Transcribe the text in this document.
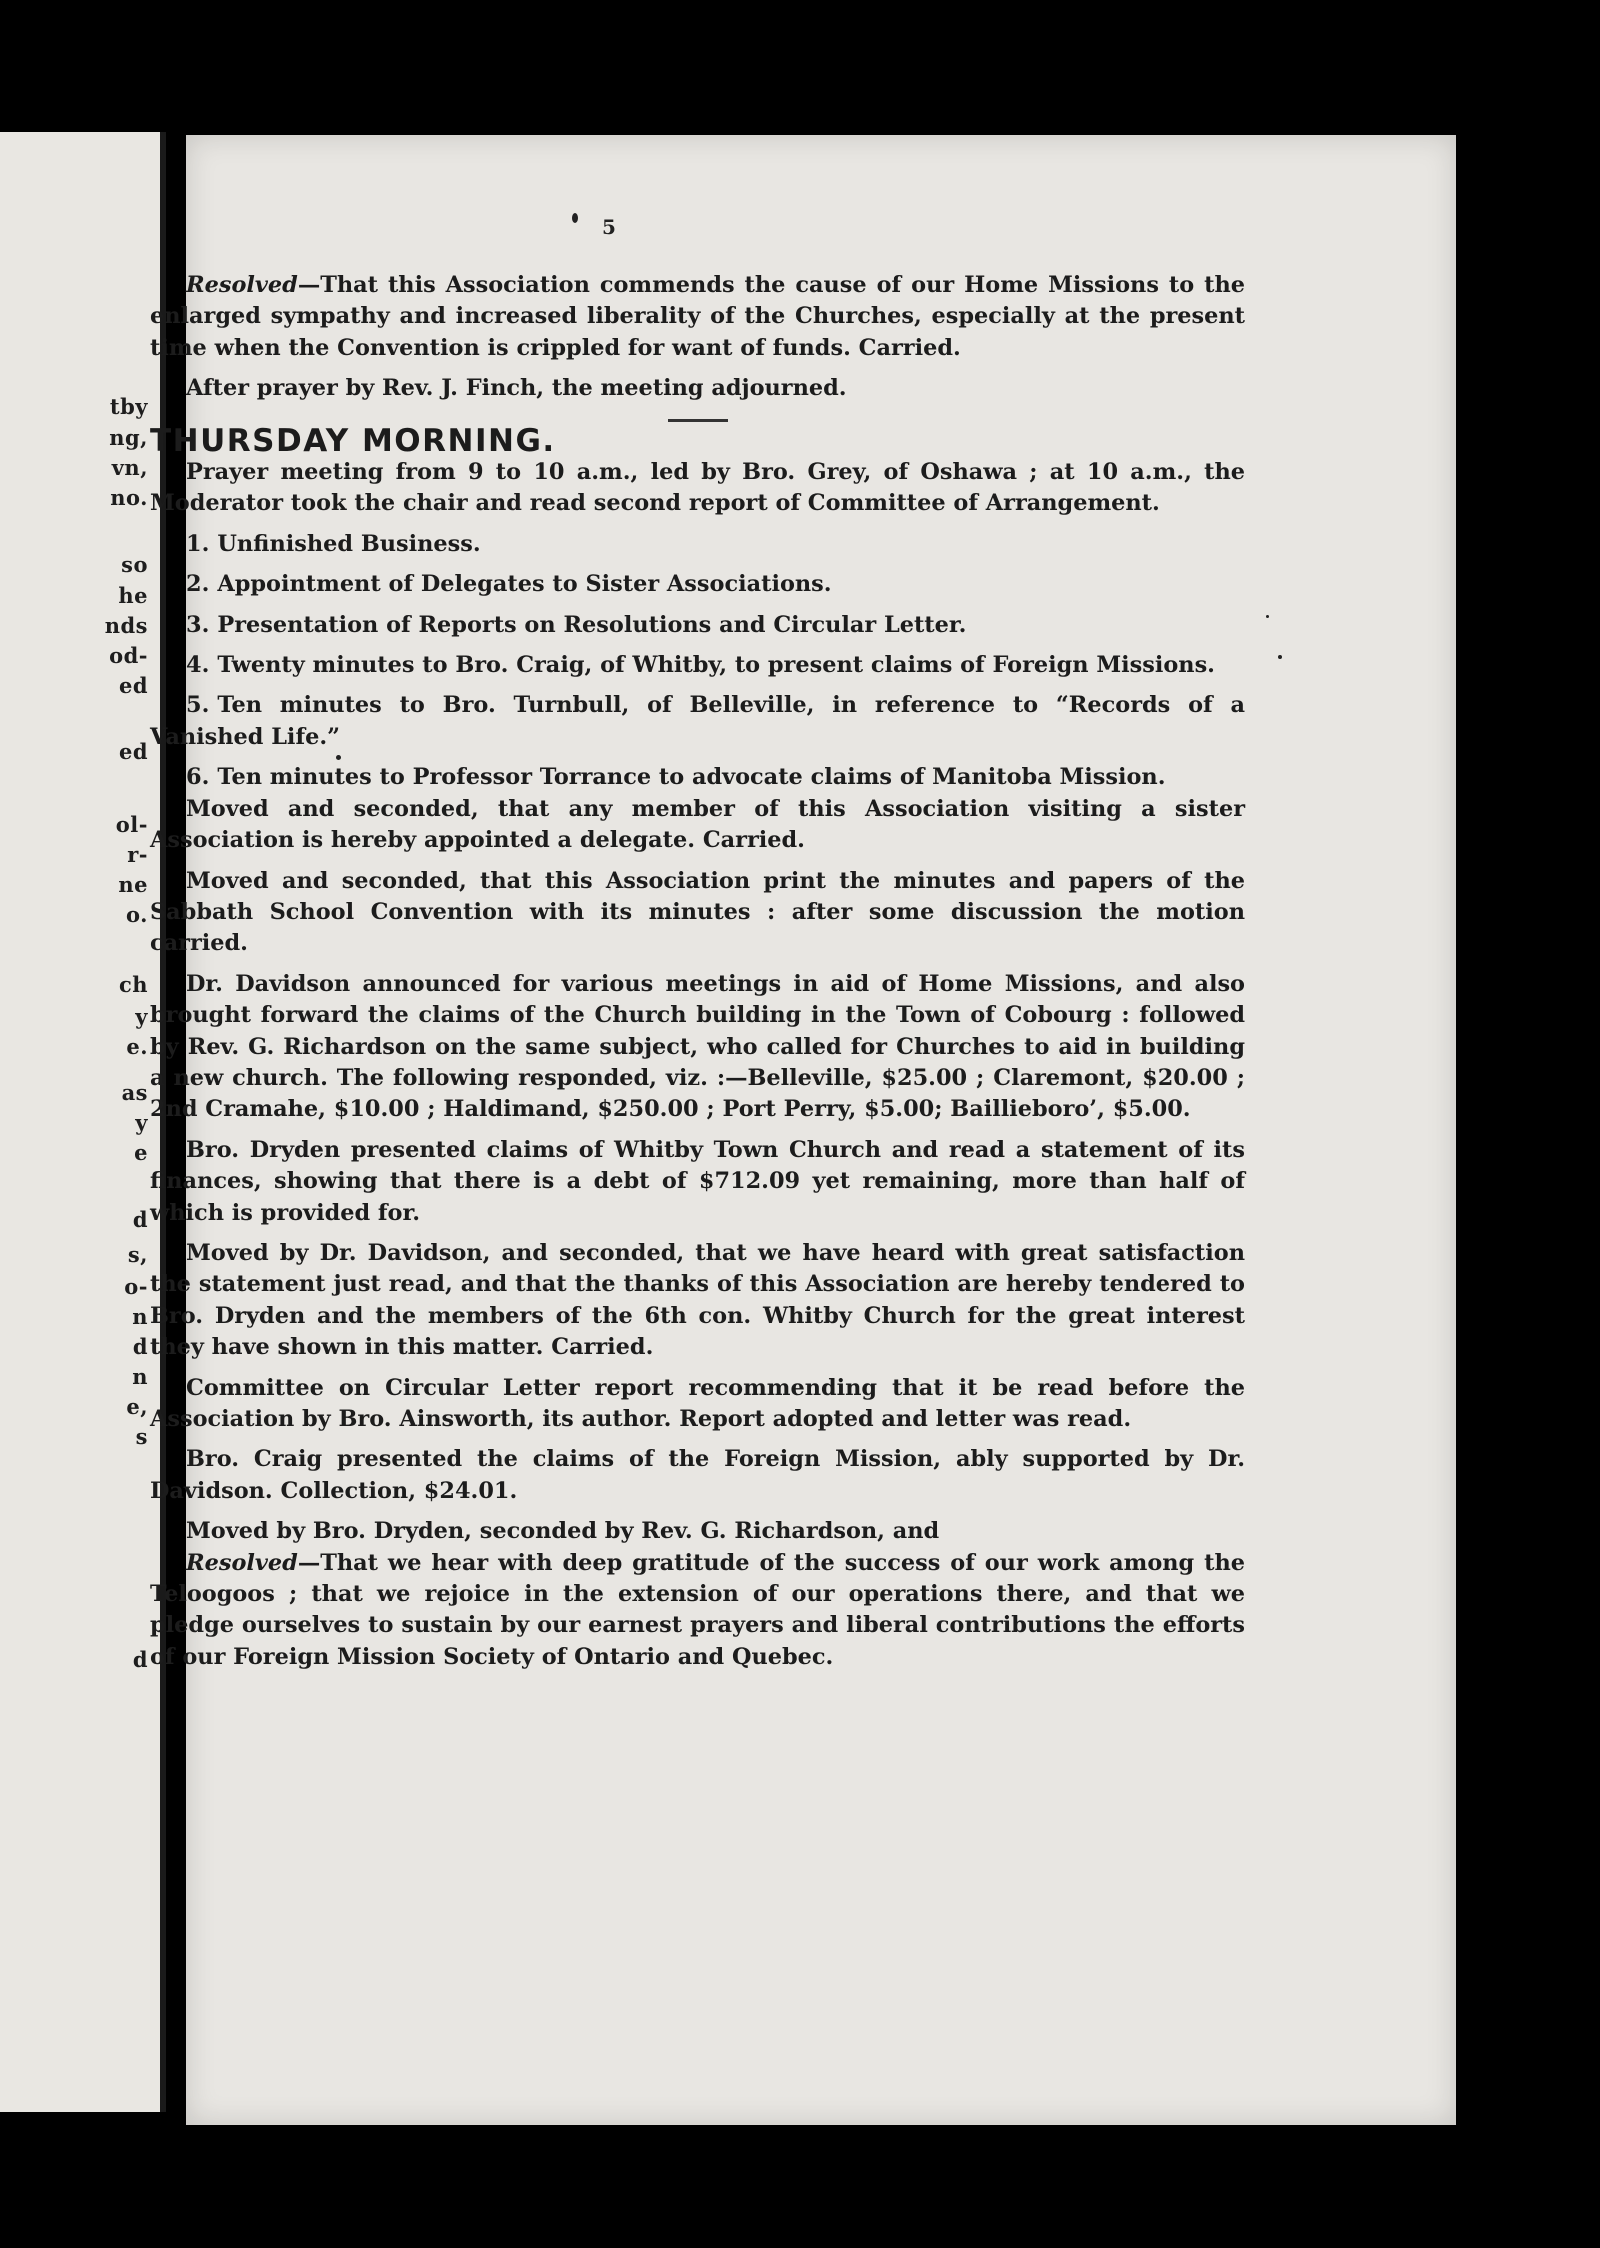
tby
ng,
vn,
no.
so
he
nds
od-
ed
ed
ol-
r-
ne
o.
ch
y
e.
as
y
e
d
s,
o-
n
d
n
e,
s
d
5

Resolved—That this Association commends the cause of our Home Missions to the enlarged sympathy and increased liberality of the Churches, especially at the present time when the Convention is crippled for want of funds. Carried.

After prayer by Rev. J. Finch, the meeting adjourned.

THURSDAY MORNING.

Prayer meeting from 9 to 10 a.m., led by Bro. Grey, of Oshawa ; at 10 a.m., the Moderator took the chair and read second report of Committee of Arrangement.

1. Unfinished Business.

2. Appointment of Delegates to Sister Associations.

3. Presentation of Reports on Resolutions and Circular Letter.

4. Twenty minutes to Bro. Craig, of Whitby, to present claims of Foreign Missions.

5. Ten minutes to Bro. Turnbull, of Belleville, in reference to “Records of a Vanished Life.”

6. Ten minutes to Professor Torrance to advocate claims of Manitoba Mission.

Moved and seconded, that any member of this Association visiting a sister Association is hereby appointed a delegate. Carried.

Moved and seconded, that this Association print the minutes and papers of the Sabbath School Convention with its minutes : after some discussion the motion carried.

Dr. Davidson announced for various meetings in aid of Home Missions, and also brought forward the claims of the Church building in the Town of Cobourg : followed by Rev. G. Richardson on the same subject, who called for Churches to aid in building a new church. The following responded, viz. :—Belleville, $25.00 ; Claremont, $20.00 ; 2nd Cramahe, $10.00 ; Haldimand, $250.00 ; Port Perry, $5.00; Baillieboro’, $5.00.

Bro. Dryden presented claims of Whitby Town Church and read a statement of its finances, showing that there is a debt of $712.09 yet remaining, more than half of which is provided for.

Moved by Dr. Davidson, and seconded, that we have heard with great satisfaction the statement just read, and that the thanks of this Association are hereby tendered to Bro. Dryden and the members of the 6th con. Whitby Church for the great interest they have shown in this matter. Carried.

Committee on Circular Letter report recommending that it be read before the Association by Bro. Ainsworth, its author. Report adopted and letter was read.

Bro. Craig presented the claims of the Foreign Mission, ably supported by Dr. Davidson. Collection, $24.01.

Moved by Bro. Dryden, seconded by Rev. G. Richardson, and

Resolved—That we hear with deep gratitude of the success of our work among the Teloogoos ; that we rejoice in the extension of our operations there, and that we pledge ourselves to sustain by our earnest prayers and liberal contributions the efforts of our Foreign Mission Society of Ontario and Quebec.
